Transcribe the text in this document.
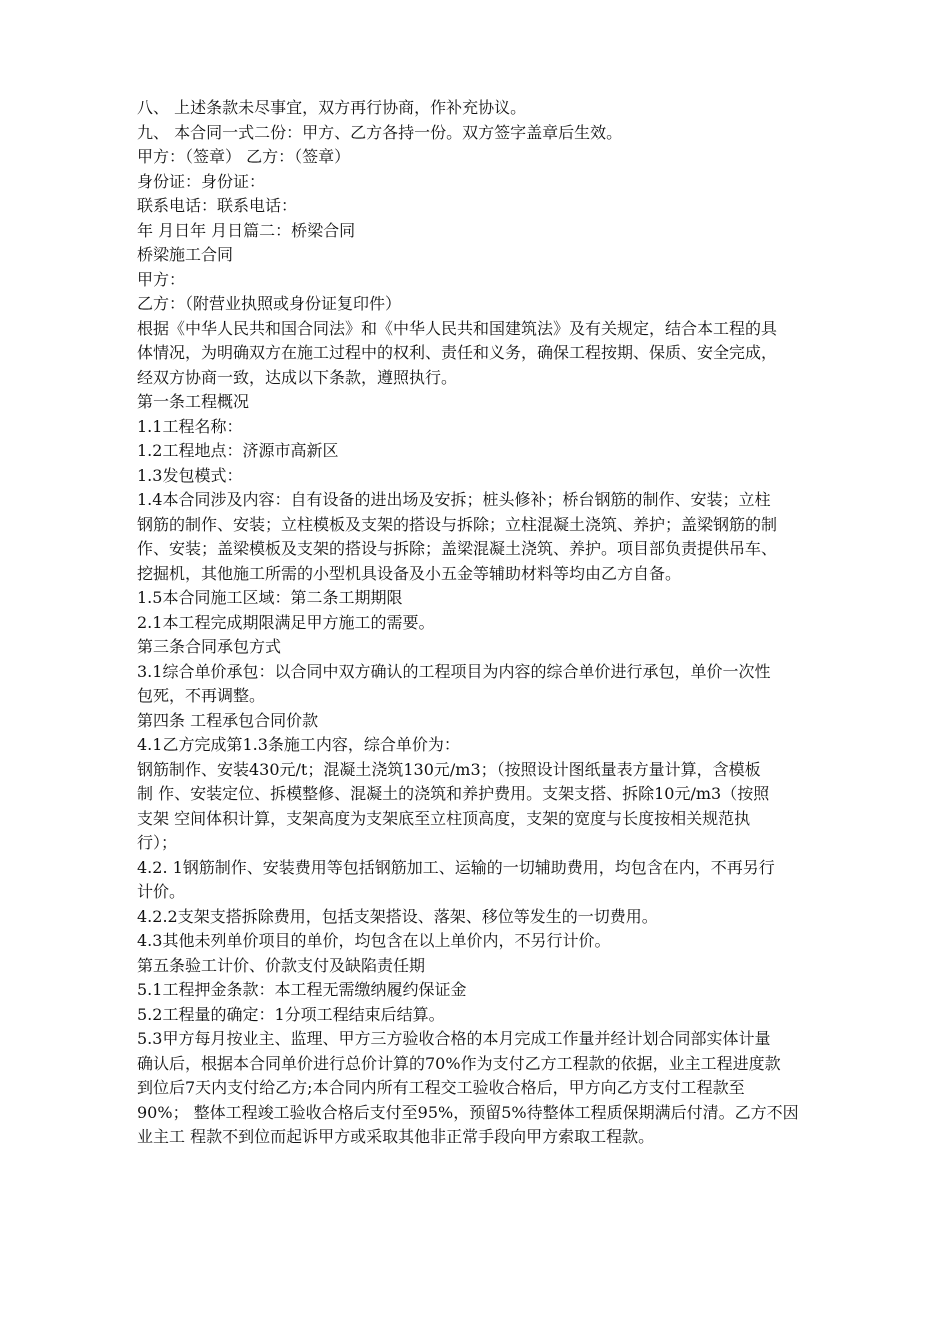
八、 上述条款未尽事宜，双方再行协商，作补充协议。
九、 本合同一式二份：甲方、乙方各持一份。双方签字盖章后生效。
甲方：（签章） 乙方：（签章）
身份证：身份证：
联系电话：联系电话：
年 月日年 月日篇二：桥梁合同
桥梁施工合同
甲方：
乙方：（附营业执照或身份证复印件）
根据《中华人民共和国合同法》和《中华人民共和国建筑法》及有关规定，结合本工程的具
体情况，为明确双方在施工过程中的权利、责任和义务，确保工程按期、保质、安全完成，
经双方协商一致，达成以下条款，遵照执行。
第一条工程概况
1.1工程名称：
1.2工程地点：济源市高新区
1.3发包模式：
1.4本合同涉及内容：自有设备的进出场及安拆；桩头修补；桥台钢筋的制作、安装；立柱
钢筋的制作、安装；立柱模板及支架的搭设与拆除；立柱混凝土浇筑、养护；盖梁钢筋的制
作、安装；盖梁模板及支架的搭设与拆除；盖梁混凝土浇筑、养护。项目部负责提供吊车、
挖掘机，其他施工所需的小型机具设备及小五金等辅助材料等均由乙方自备。
1.5本合同施工区域：第二条工期期限
2.1本工程完成期限满足甲方施工的需要。
第三条合同承包方式
3.1综合单价承包：以合同中双方确认的工程项目为内容的综合单价进行承包，单价一次性
包死，不再调整。
第四条 工程承包合同价款
4.1乙方完成第1.3条施工内容，综合单价为：
钢筋制作、安装430元/t；混凝土浇筑130元/m3；（按照设计图纸量表方量计算，含模板
制 作、安装定位、拆模整修、混凝土的浇筑和养护费用。支架支搭、拆除10元/m3（按照
支架 空间体积计算，支架高度为支架底至立柱顶高度，支架的宽度与长度按相关规范执
行）；
4.2. 1钢筋制作、安装费用等包括钢筋加工、运输的一切辅助费用，均包含在内，不再另行
计价。
4.2.2支架支搭拆除费用，包括支架搭设、落架、移位等发生的一切费用。
4.3其他未列单价项目的单价，均包含在以上单价内，不另行计价。
第五条验工计价、价款支付及缺陷责任期
5.1工程押金条款：本工程无需缴纳履约保证金
5.2工程量的确定：1分项工程结束后结算。
5.3甲方每月按业主、监理、甲方三方验收合格的本月完成工作量并经计划合同部实体计量
确认后，根据本合同单价进行总价计算的70%作为支付乙方工程款的依据，业主工程进度款
到位后7天内支付给乙方;本合同内所有工程交工验收合格后，甲方向乙方支付工程款至
90%； 整体工程竣工验收合格后支付至95%，预留5%待整体工程质保期满后付清。乙方不因
业主工 程款不到位而起诉甲方或采取其他非正常手段向甲方索取工程款。
